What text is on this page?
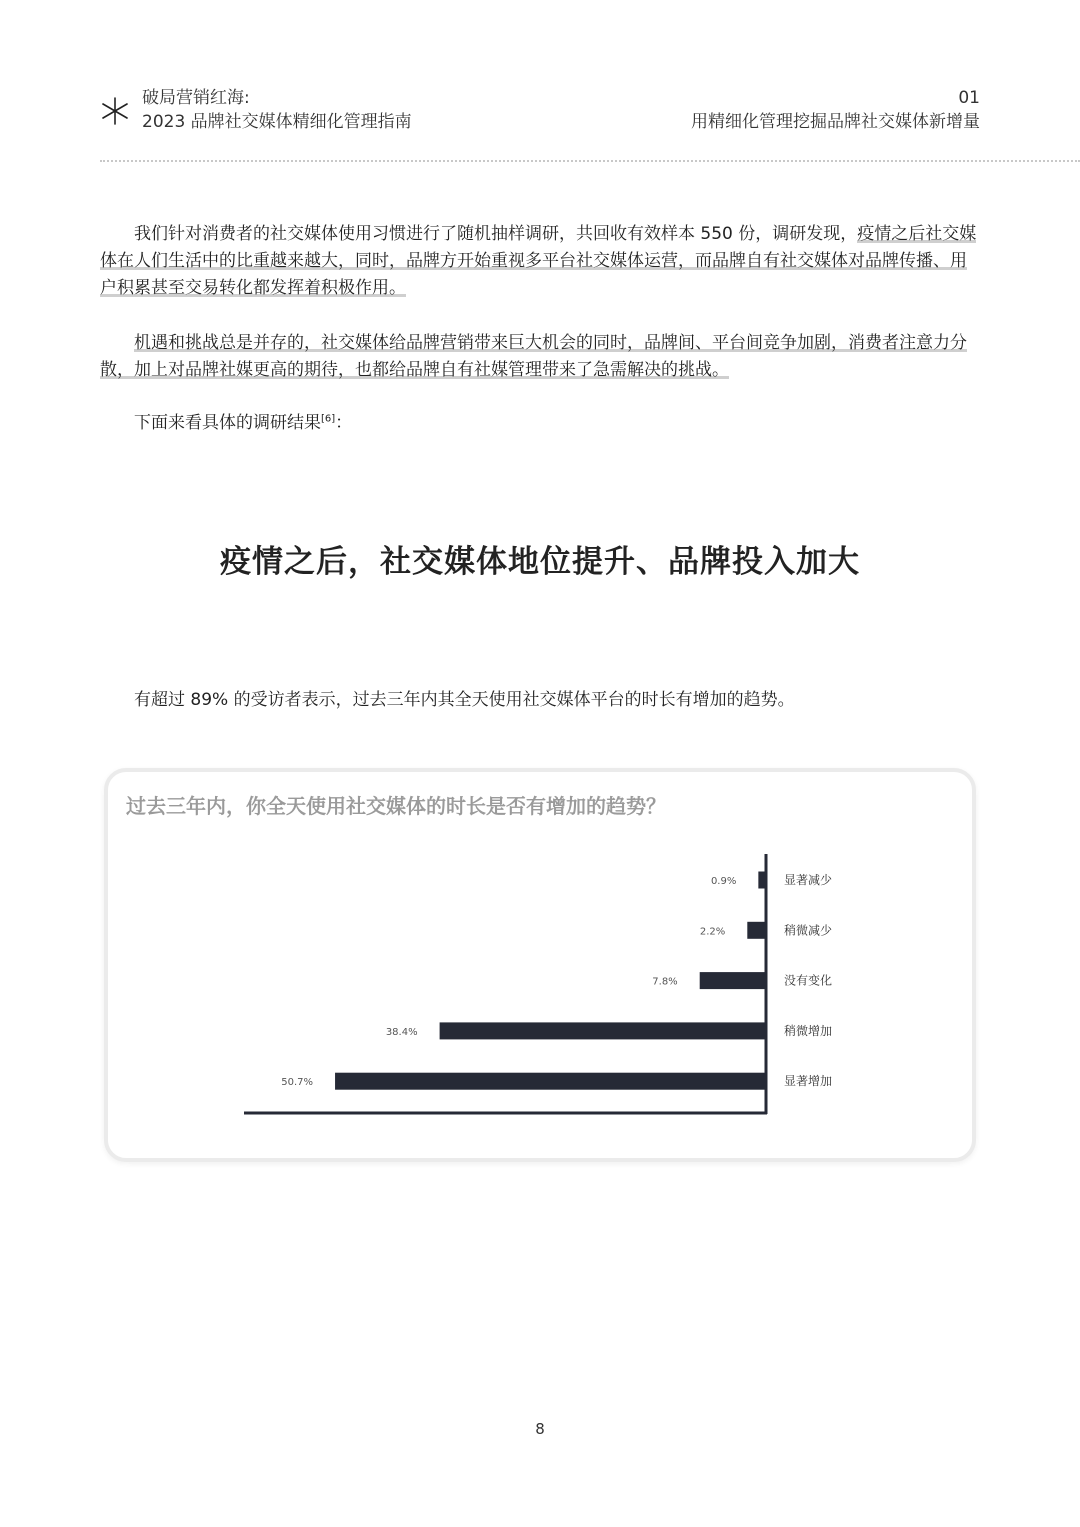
破局营销红海:
2023 品牌社交媒体精细化管理指南
01
用精细化管理挖掘品牌社交媒体新增量

我们针对消费者的社交媒体使用习惯进行了随机抽样调研，共回收有效样本 550 份，调研发现，疫情之后社交媒体在人们生活中的比重越来越大，同时，品牌方开始重视多平台社交媒体运营，而品牌自有社交媒体对品牌传播、用户积累甚至交易转化都发挥着积极作用。

机遇和挑战总是并存的，社交媒体给品牌营销带来巨大机会的同时，品牌间、平台间竞争加剧，消费者注意力分散，加上对品牌社媒更高的期待，也都给品牌自有社媒管理带来了急需解决的挑战。

下面来看具体的调研结果[6]：

疫情之后，社交媒体地位提升、品牌投入加大
有超过 89% 的受访者表示，过去三年内其全天使用社交媒体平台的时长有增加的趋势。
过去三年内，你全天使用社交媒体的时长是否有增加的趋势？
0.9%	显著减少
2.2%	稍微减少
7.8%	没有变化
38.4%	稍微增加
50.7%	显著增加
8
